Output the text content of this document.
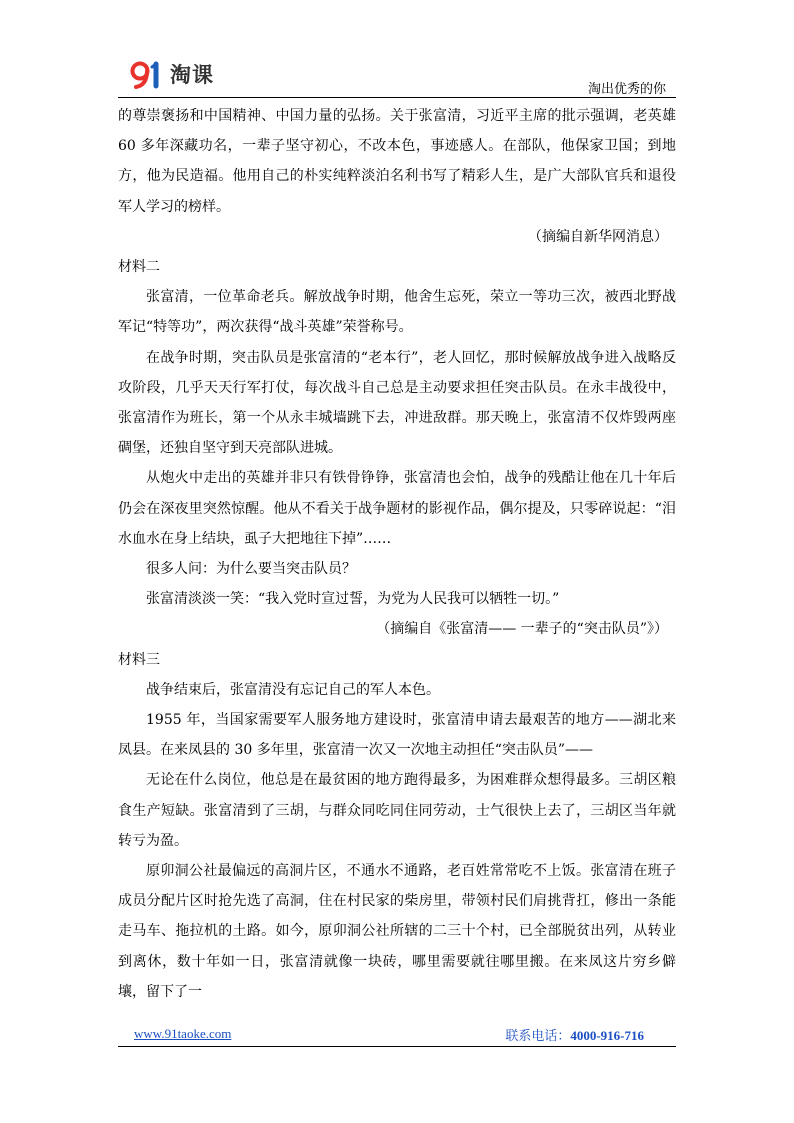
淘课
淘出优秀的你

的尊崇褒扬和中国精神、中国力量的弘扬。关于张富清，习近平主席的批示强调，老英雄 60 多年深藏功名，一辈子坚守初心，不改本色，事迹感人。在部队，他保家卫国；到地方，他为民造福。他用自己的朴实纯粹淡泊名利书写了精彩人生，是广大部队官兵和退役军人学习的榜样。

（摘编自新华网消息）

材料二

张富清，一位革命老兵。解放战争时期，他舍生忘死，荣立一等功三次，被西北野战军记“特等功”，两次获得“战斗英雄”荣誉称号。

在战争时期，突击队员是张富清的“老本行”，老人回忆，那时候解放战争进入战略反攻阶段，几乎天天行军打仗，每次战斗自己总是主动要求担任突击队员。在永丰战役中，张富清作为班长，第一个从永丰城墙跳下去，冲进敌群。那天晚上，张富清不仅炸毁两座碉堡，还独自坚守到天亮部队进城。

从炮火中走出的英雄并非只有铁骨铮铮，张富清也会怕，战争的残酷让他在几十年后仍会在深夜里突然惊醒。他从不看关于战争题材的影视作品，偶尔提及，只零碎说起：“泪水血水在身上结块，虱子大把地往下掉”……

很多人问：为什么要当突击队员？

张富清淡淡一笑：“我入党时宣过誓，为党为人民我可以牺牲一切。”

（摘编自《张富清—— 一辈子的“突击队员”》）

材料三

战争结束后，张富清没有忘记自己的军人本色。

1955 年，当国家需要军人服务地方建设时，张富清申请去最艰苦的地方——湖北来凤县。在来凤县的 30 多年里，张富清一次又一次地主动担任“突击队员”——

无论在什么岗位，他总是在最贫困的地方跑得最多，为困难群众想得最多。三胡区粮食生产短缺。张富清到了三胡，与群众同吃同住同劳动，士气很快上去了，三胡区当年就转亏为盈。

原卯洞公社最偏远的高洞片区，不通水不通路，老百姓常常吃不上饭。张富清在班子成员分配片区时抢先选了高洞，住在村民家的柴房里，带领村民们肩挑背扛，修出一条能走马车、拖拉机的土路。如今，原卯洞公社所辖的二三十个村，已全部脱贫出列，从转业到离休，数十年如一日，张富清就像一块砖，哪里需要就往哪里搬。在来凤这片穷乡僻壤，留下了一

www.91taoke.com	联系电话：4000-916-716
